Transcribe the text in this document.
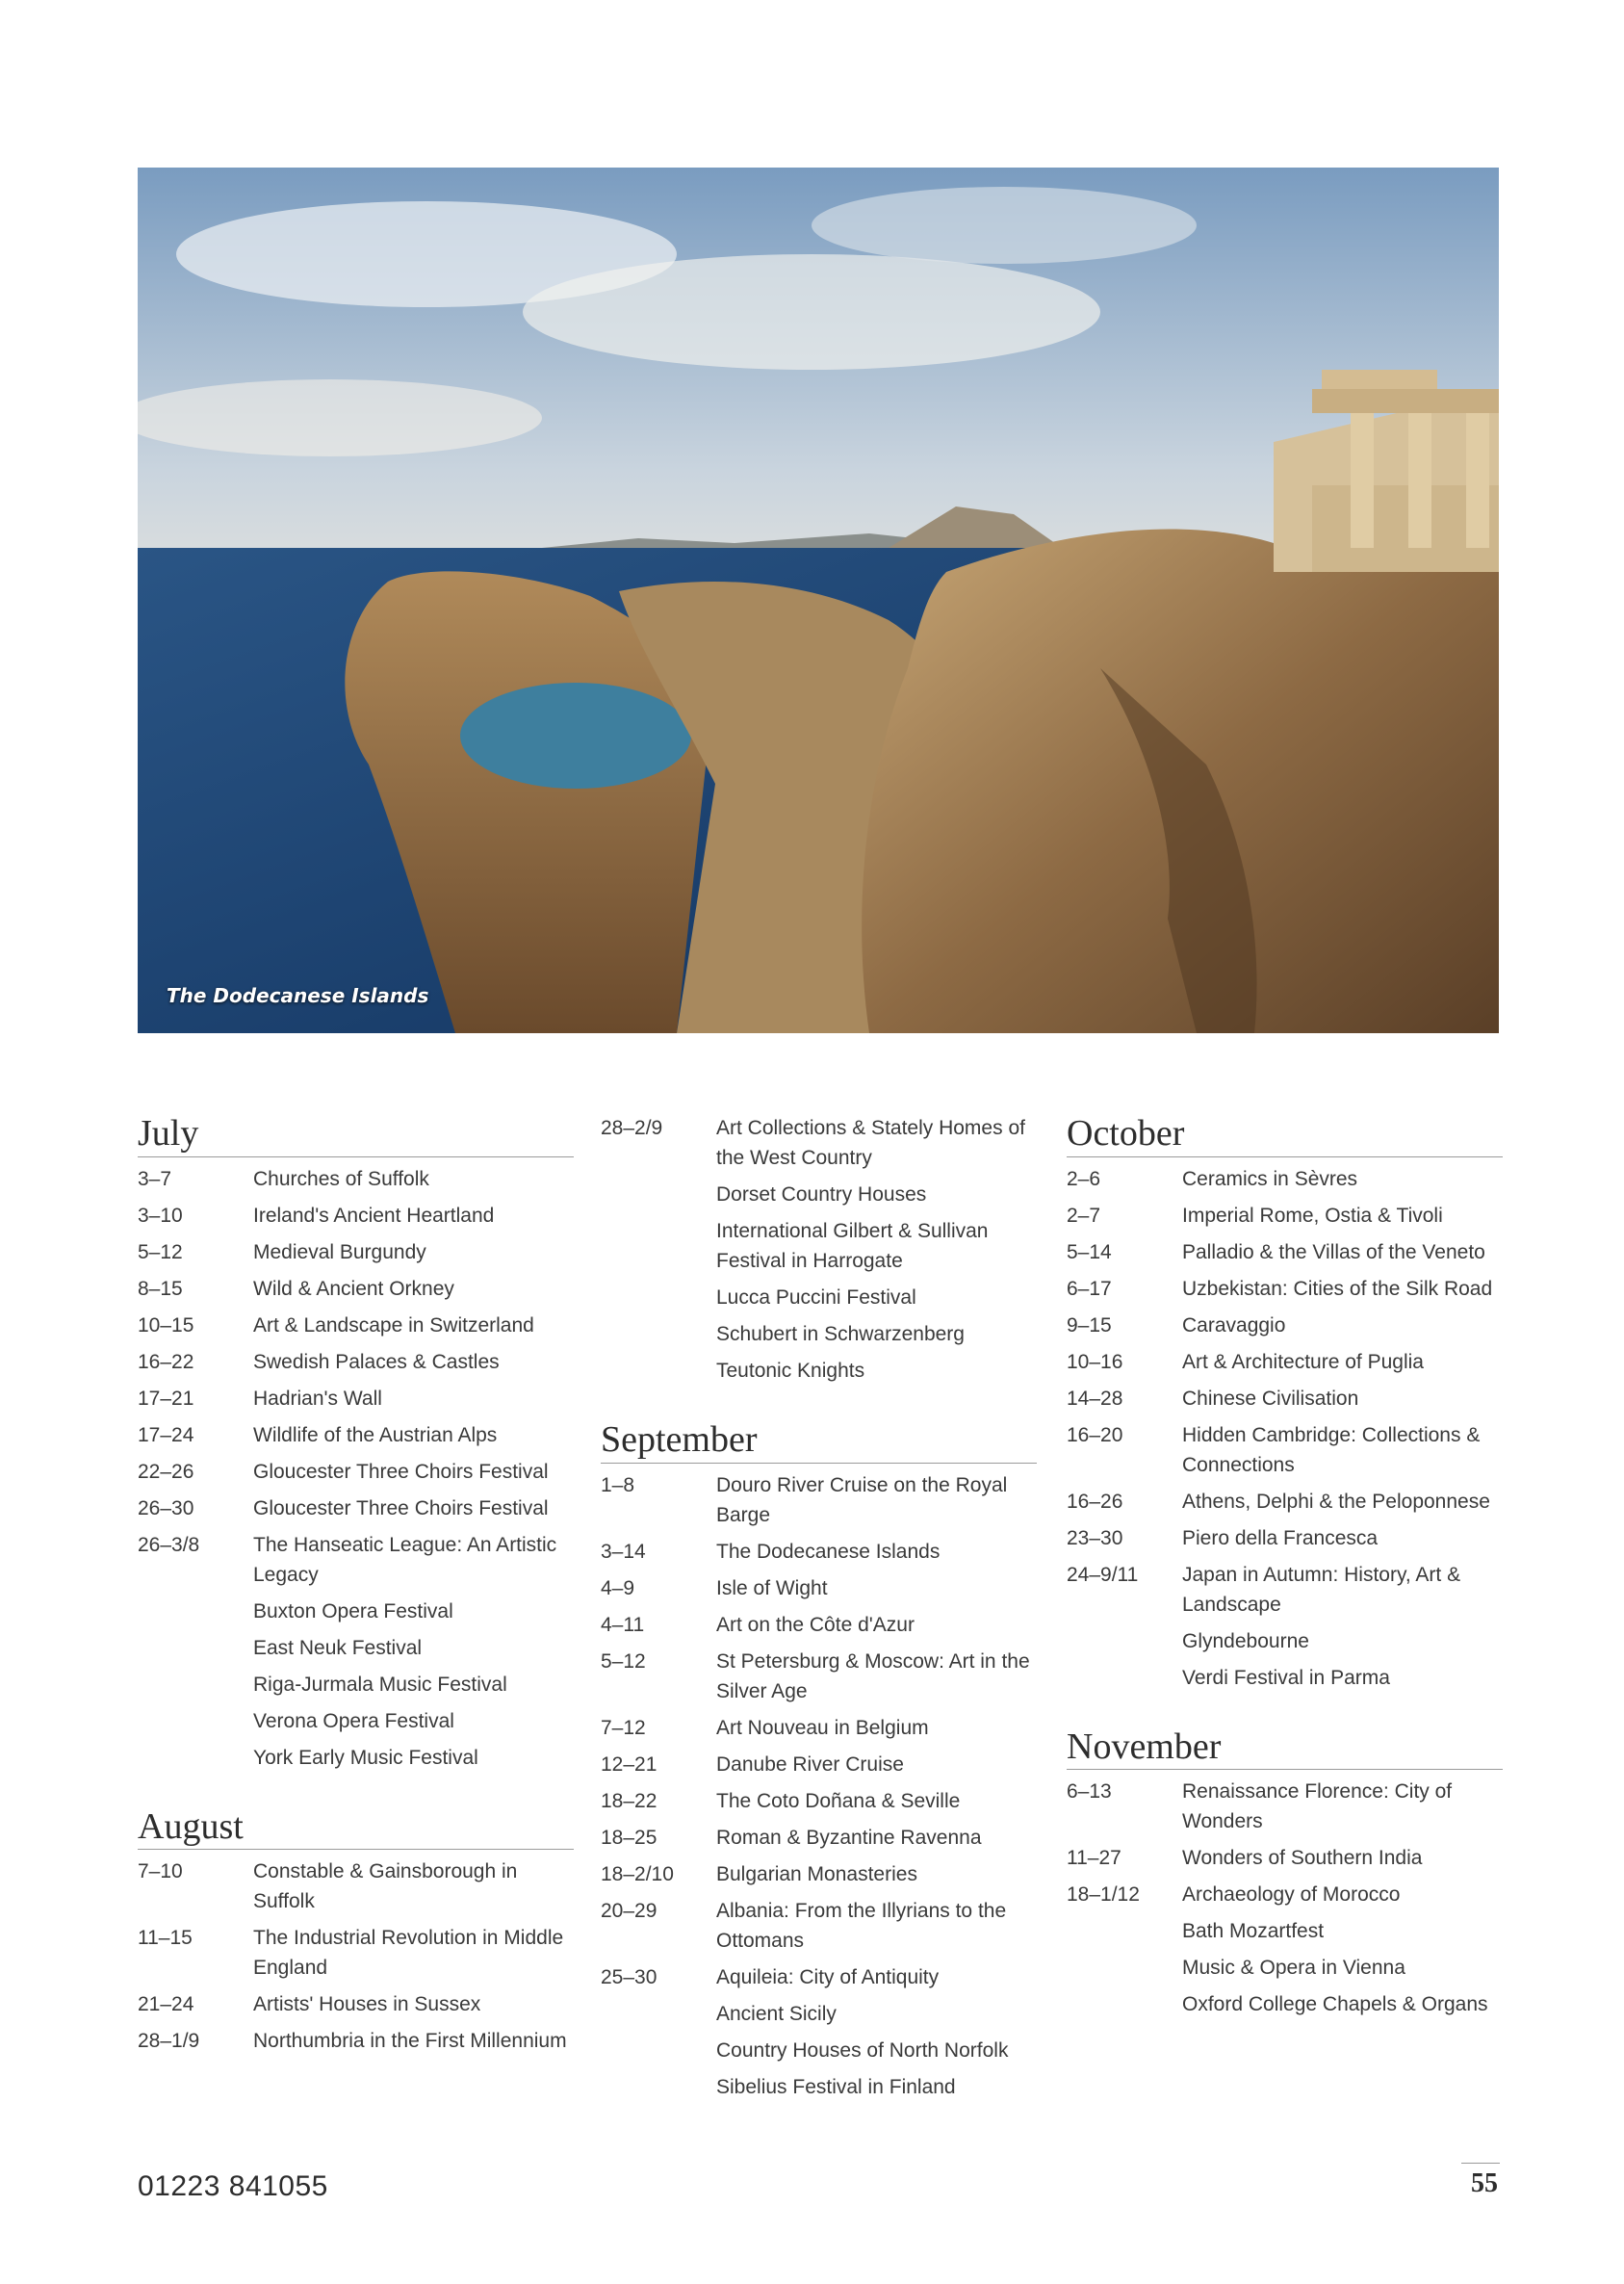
The Dodecanese Islands
July
3–7	Churches of Suffolk
3–10	Ireland's Ancient Heartland
5–12	Medieval Burgundy
8–15	Wild & Ancient Orkney
10–15	Art & Landscape in Switzerland
16–22	Swedish Palaces & Castles
17–21	Hadrian's Wall
17–24	Wildlife of the Austrian Alps
22–26	Gloucester Three Choirs Festival
26–30	Gloucester Three Choirs Festival
26–3/8	The Hanseatic League: An Artistic Legacy
Buxton Opera Festival
East Neuk Festival
Riga-Jurmala Music Festival
Verona Opera Festival
York Early Music Festival
August
7–10	Constable & Gainsborough in Suffolk
11–15	The Industrial Revolution in Middle England
21–24	Artists' Houses in Sussex
28–1/9	Northumbria in the First Millennium
28–2/9	Art Collections & Stately Homes of the West Country
Dorset Country Houses
International Gilbert & Sullivan Festival in Harrogate
Lucca Puccini Festival
Schubert in Schwarzenberg
Teutonic Knights
September
1–8	Douro River Cruise on the Royal Barge
3–14	The Dodecanese Islands
4–9	Isle of Wight
4–11	Art on the Côte d'Azur
5–12	St Petersburg & Moscow: Art in the Silver Age
7–12	Art Nouveau in Belgium
12–21	Danube River Cruise
18–22	The Coto Doñana & Seville
18–25	Roman & Byzantine Ravenna
18–2/10	Bulgarian Monasteries
20–29	Albania: From the Illyrians to the Ottomans
25–30	Aquileia: City of Antiquity
Ancient Sicily
Country Houses of North Norfolk
Sibelius Festival in Finland
October
2–6	Ceramics in Sèvres
2–7	Imperial Rome, Ostia & Tivoli
5–14	Palladio & the Villas of the Veneto
6–17	Uzbekistan: Cities of the Silk Road
9–15	Caravaggio
10–16	Art & Architecture of Puglia
14–28	Chinese Civilisation
16–20	Hidden Cambridge: Collections & Connections
16–26	Athens, Delphi & the Peloponnese
23–30	Piero della Francesca
24–9/11	Japan in Autumn: History, Art & Landscape
Glyndebourne
Verdi Festival in Parma
November
6–13	Renaissance Florence: City of Wonders
11–27	Wonders of Southern India
18–1/12	Archaeology of Morocco
Bath Mozartfest
Music & Opera in Vienna
Oxford College Chapels & Organs
01223 841055	55
